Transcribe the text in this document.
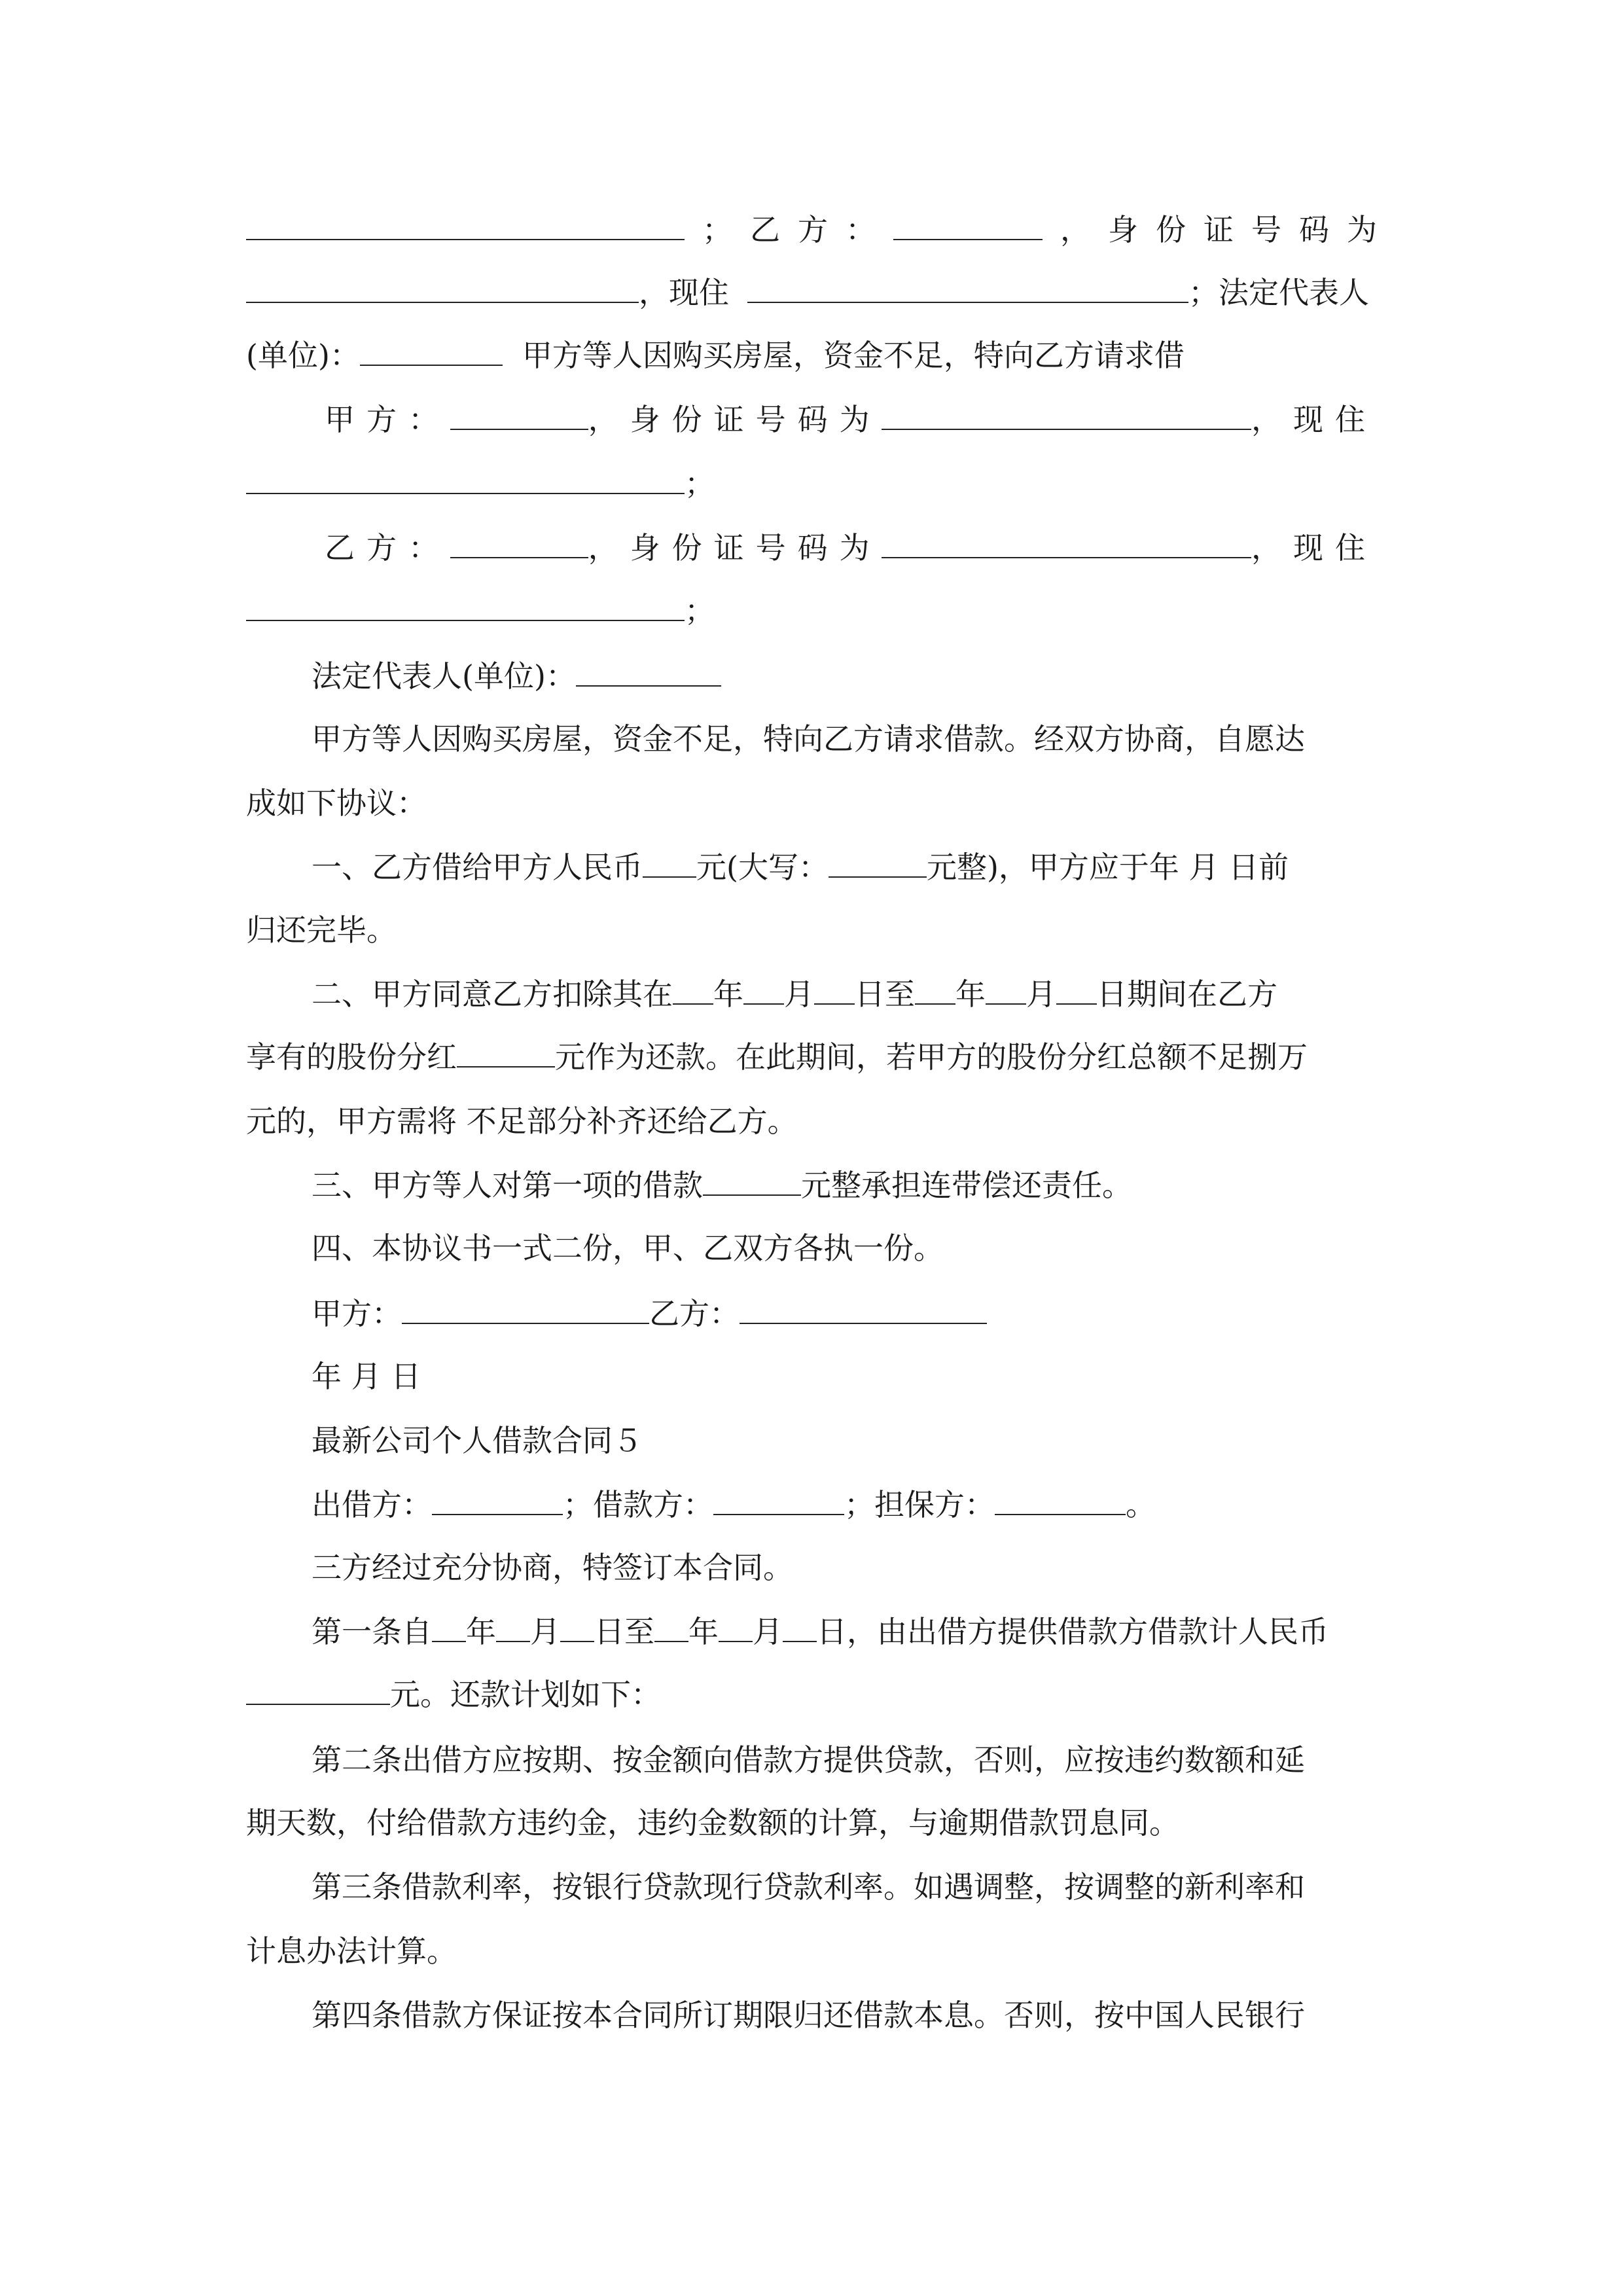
； 乙 方 ：	， 身 份 证 号 码 为
，现住	；法定代表人
(单位)：	甲方等人因购买房屋，资金不足，特向乙方请求借
甲方：	，身份证号码为	，现住
；
乙方：	，身份证号码为	，现住
；
法定代表人(单位)：
甲方等人因购买房屋，资金不足，特向乙方请求借款。经双方协商，自愿达
成如下协议：
一、乙方借给甲方人民币 元(大写：	元整)，甲方应于年 月 日前
归还完毕。
二、甲方同意乙方扣除其在 年 月 日至 年 月 日期间在乙方
享有的股份分红	元作为还款。在此期间，若甲方的股份分红总额不足捌万
元的，甲方需将 不足部分补齐还给乙方。
三、甲方等人对第一项的借款	元整承担连带偿还责任。
四、本协议书一式二份，甲、乙双方各执一份。
甲方：	乙方：
年 月 日
最新公司个人借款合同５
出借方：	；借款方：	；担保方：	。
三方经过充分协商，特签订本合同。
第一条自 年 月 日至 年 月 日，由出借方提供借款方借款计人民币
元。还款计划如下：
第二条出借方应按期、按金额向借款方提供贷款，否则，应按违约数额和延
期天数，付给借款方违约金，违约金数额的计算，与逾期借款罚息同。
第三条借款利率，按银行贷款现行贷款利率。如遇调整，按调整的新利率和
计息办法计算。
第四条借款方保证按本合同所订期限归还借款本息。否则，按中国人民银行
